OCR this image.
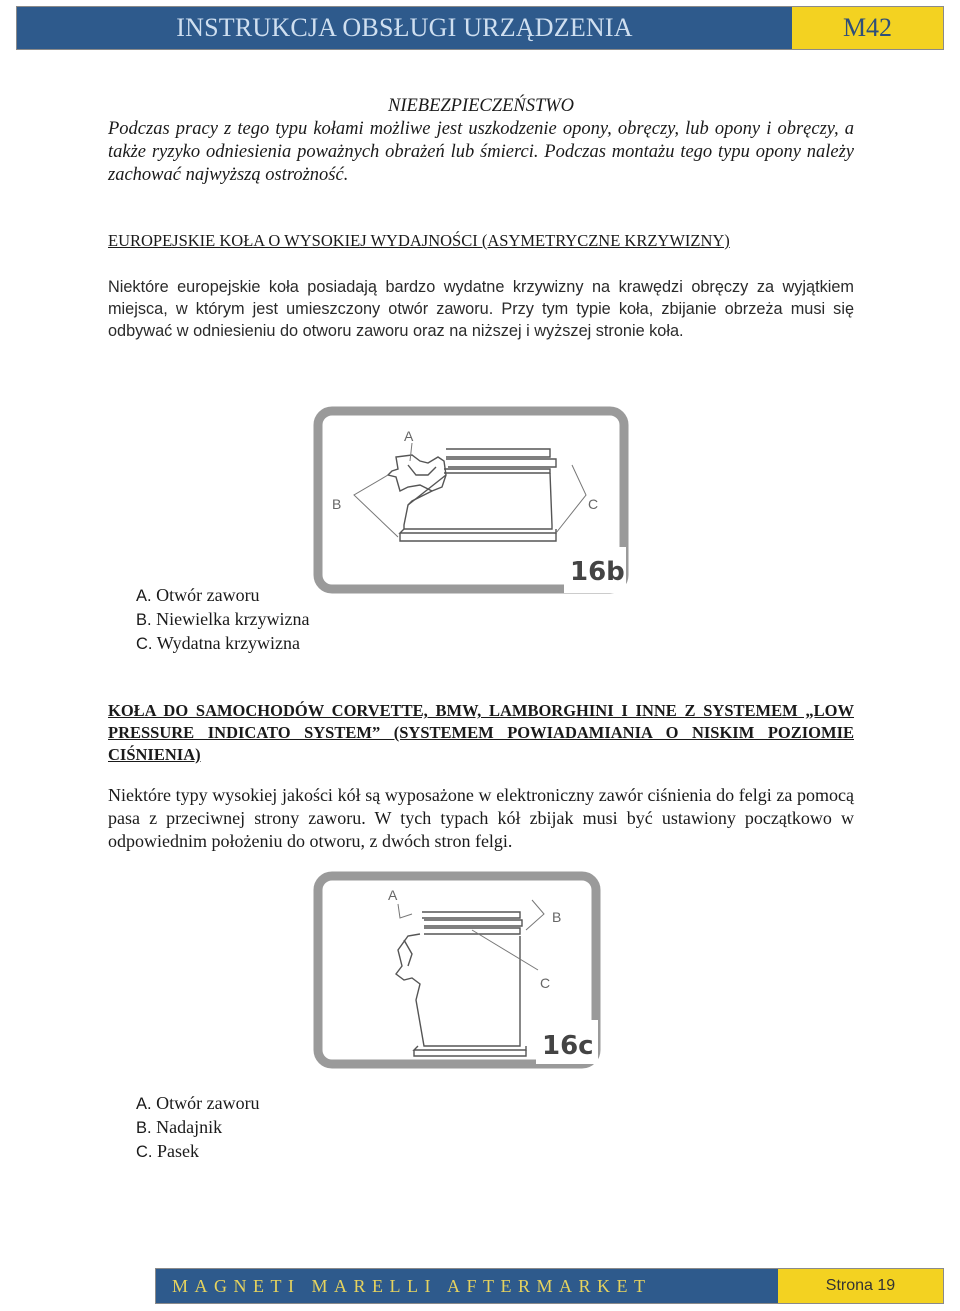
INSTRUKCJA OBSŁUGI URZĄDZENIA	M42
NIEBEZPIECZEŃSTWO
Podczas pracy z tego typu kołami możliwe jest uszkodzenie opony, obręczy, lub opony i obręczy, a także ryzyko odniesienia poważnych obrażeń lub śmierci. Podczas montażu tego typu opony należy zachować najwyższą ostrożność.
EUROPEJSKIE KOŁA O WYSOKIEJ WYDAJNOŚCI (ASYMETRYCZNE KRZYWIZNY)
Niektóre europejskie koła posiadają bardzo wydatne krzywizny na krawędzi obręczy za wyjątkiem miejsca, w którym jest umieszczony otwór zaworu. Przy tym typie koła, zbijanie obrzeża musi się odbywać w odniesieniu do otworu zaworu oraz na niższej i wyższej stronie koła.
A
B	C
16b
A. Otwór zaworu
B. Niewielka krzywizna
C. Wydatna krzywizna
KOŁA DO SAMOCHODÓW CORVETTE, BMW, LAMBORGHINI I INNE Z SYSTEMEM „LOW PRESSURE INDICATO SYSTEM” (SYSTEMEM POWIADAMIANIA O NISKIM POZIOMIE CIŚNIENIA)
Niektóre typy wysokiej jakości kół są wyposażone w elektroniczny zawór ciśnienia do felgi za pomocą pasa z przeciwnej strony zaworu. W tych typach kół zbijak musi być ustawiony początkowo w odpowiednim położeniu do otworu, z dwóch stron felgi.
A
B
C
16c
A. Otwór zaworu
B. Nadajnik
C. Pasek
MAGNETI MARELLI AFTERMARKET	Strona 19
